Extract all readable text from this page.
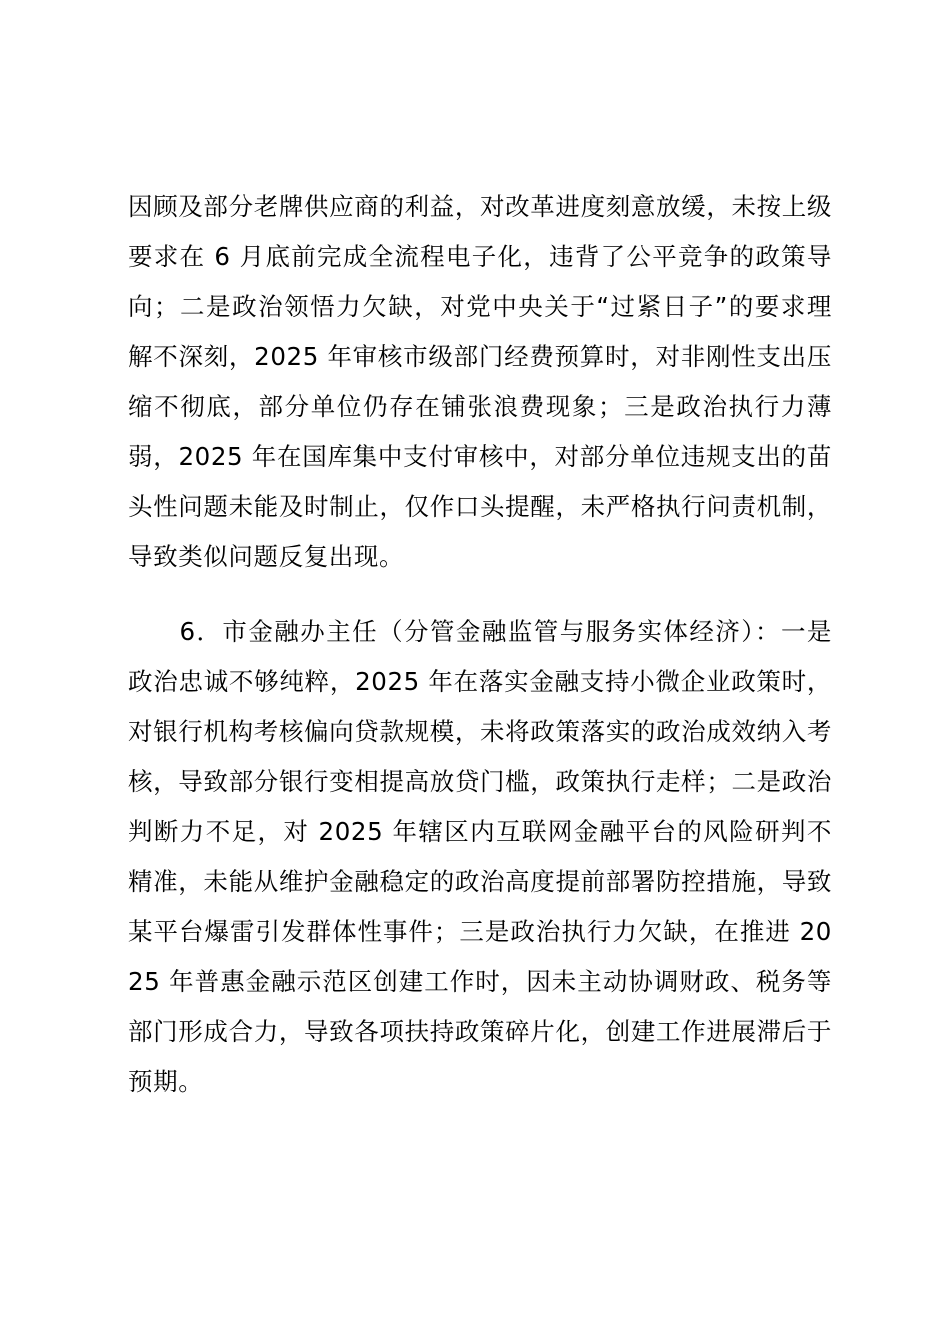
因顾及部分老牌供应商的利益，对改革进度刻意放缓，未按上级要求在 6 月底前完成全流程电子化，违背了公平竞争的政策导向；二是政治领悟力欠缺，对党中央关于“过紧日子”的要求理解不深刻，2025 年审核市级部门经费预算时，对非刚性支出压缩不彻底，部分单位仍存在铺张浪费现象；三是政治执行力薄弱，2025 年在国库集中支付审核中，对部分单位违规支出的苗头性问题未能及时制止，仅作口头提醒，未严格执行问责机制，导致类似问题反复出现。

6．市金融办主任（分管金融监管与服务实体经济）：一是政治忠诚不够纯粹，2025 年在落实金融支持小微企业政策时，对银行机构考核偏向贷款规模，未将政策落实的政治成效纳入考核，导致部分银行变相提高放贷门槛，政策执行走样；二是政治判断力不足，对 2025 年辖区内互联网金融平台的风险研判不精准，未能从维护金融稳定的政治高度提前部署防控措施，导致某平台爆雷引发群体性事件；三是政治执行力欠缺，在推进 2025 年普惠金融示范区创建工作时，因未主动协调财政、税务等部门形成合力，导致各项扶持政策碎片化，创建工作进展滞后于预期。
